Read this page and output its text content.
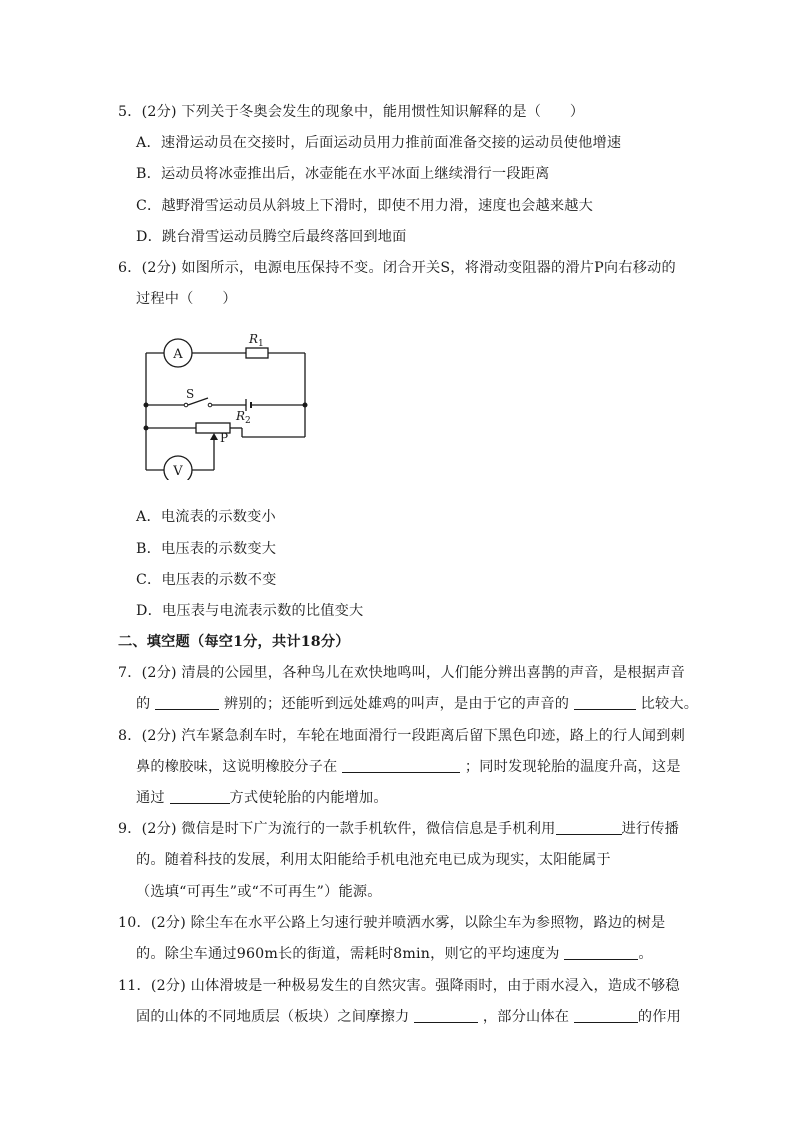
5．(2分) 下列关于冬奥会发生的现象中，能用惯性知识解释的是（　　）
A．速滑运动员在交接时，后面运动员用力推前面准备交接的运动员使他增速
B．运动员将冰壶推出后，冰壶能在水平冰面上继续滑行一段距离
C．越野滑雪运动员从斜坡上下滑时，即使不用力滑，速度也会越来越大
D．跳台滑雪运动员腾空后最终落回到地面
6．(2分) 如图所示，电源电压保持不变。闭合开关S，将滑动变阻器的滑片P向右移动的
过程中（　　）
A
V
S
$R_1$
$R_2$
P
A．电流表的示数变小
B．电压表的示数变大
C．电压表的示数不变
D．电压表与电流表示数的比值变大
二、填空题（每空1分，共计18分）
7．(2分) 清晨的公园里，各种鸟儿在欢快地鸣叫，人们能分辨出喜鹊的声音，是根据声音
的	辨别的；还能听到远处雄鸡的叫声，是由于它的声音的	比较大。
8．(2分) 汽车紧急刹车时，车轮在地面滑行一段距离后留下黑色印迹，路上的行人闻到刺
鼻的橡胶味，这说明橡胶分子在	；同时发现轮胎的温度升高，这是
通过	方式使轮胎的内能增加。
9．(2分) 微信是时下广为流行的一款手机软件，微信信息是手机利用	进行传播
的。随着科技的发展，利用太阳能给手机电池充电已成为现实，太阳能属于
（选填“可再生”或“不可再生”）能源。
10．(2分) 除尘车在水平公路上匀速行驶并喷洒水雾，以除尘车为参照物，路边的树是
的。除尘车通过960m长的街道，需耗时8min，则它的平均速度为	。
11．(2分) 山体滑坡是一种极易发生的自然灾害。强降雨时，由于雨水浸入，造成不够稳
固的山体的不同地质层（板块）之间摩擦力	，部分山体在	的作用
